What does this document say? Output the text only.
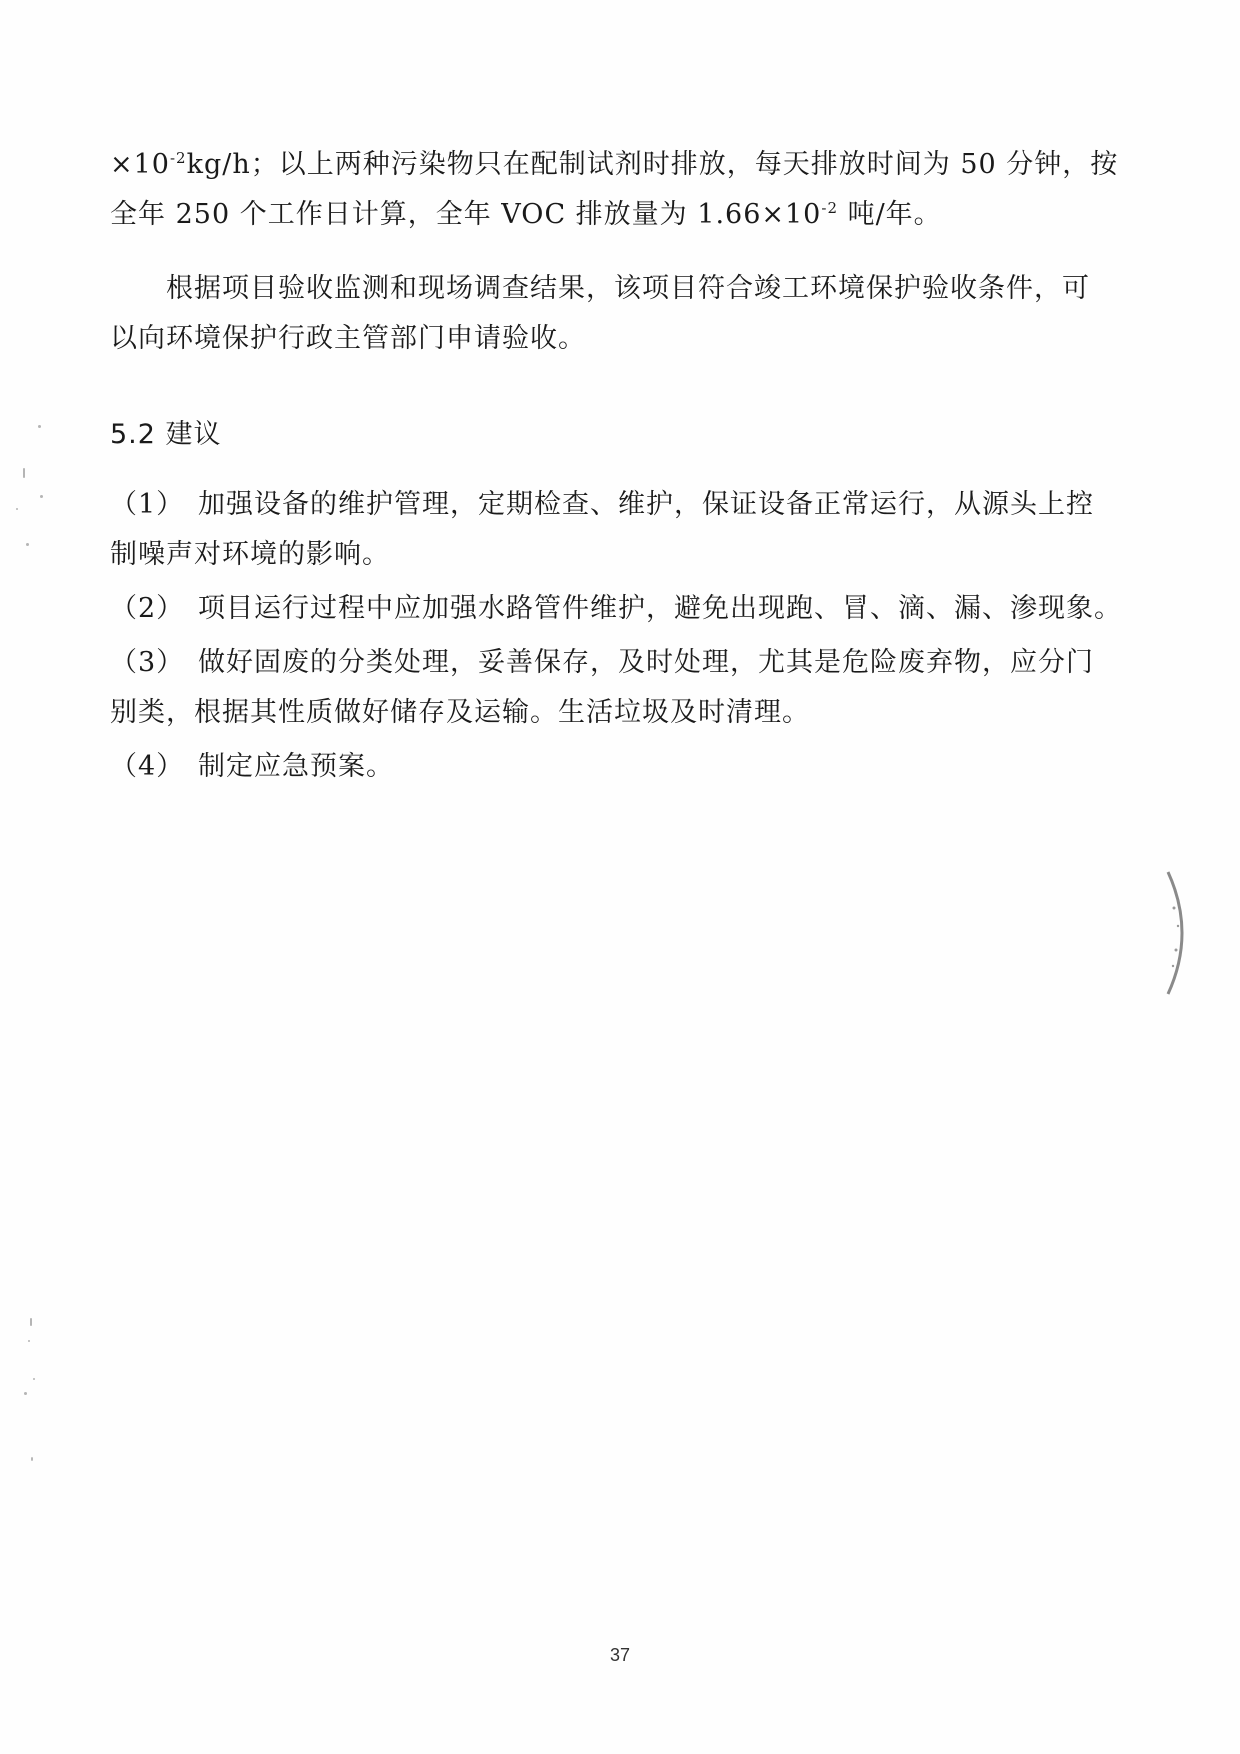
$\times 10^{-2}kg/h$；以上两种污染物只在配制试剂时排放，每天排放时间为 50 分钟，按
全年 250 个工作日计算，全年 VOC 排放量为 $1.66\times 10^{-2}$ 吨/年。
根据项目验收监测和现场调查结果，该项目符合竣工环境保护验收条件，可
以向环境保护行政主管部门申请验收。
5.2 建议
（1） 加强设备的维护管理，定期检查、维护，保证设备正常运行，从源头上控
制噪声对环境的影响。
（2） 项目运行过程中应加强水路管件维护，避免出现跑、冒、滴、漏、渗现象。
（3） 做好固废的分类处理，妥善保存，及时处理，尤其是危险废弃物，应分门
别类，根据其性质做好储存及运输。生活垃圾及时清理。
（4） 制定应急预案。
37
